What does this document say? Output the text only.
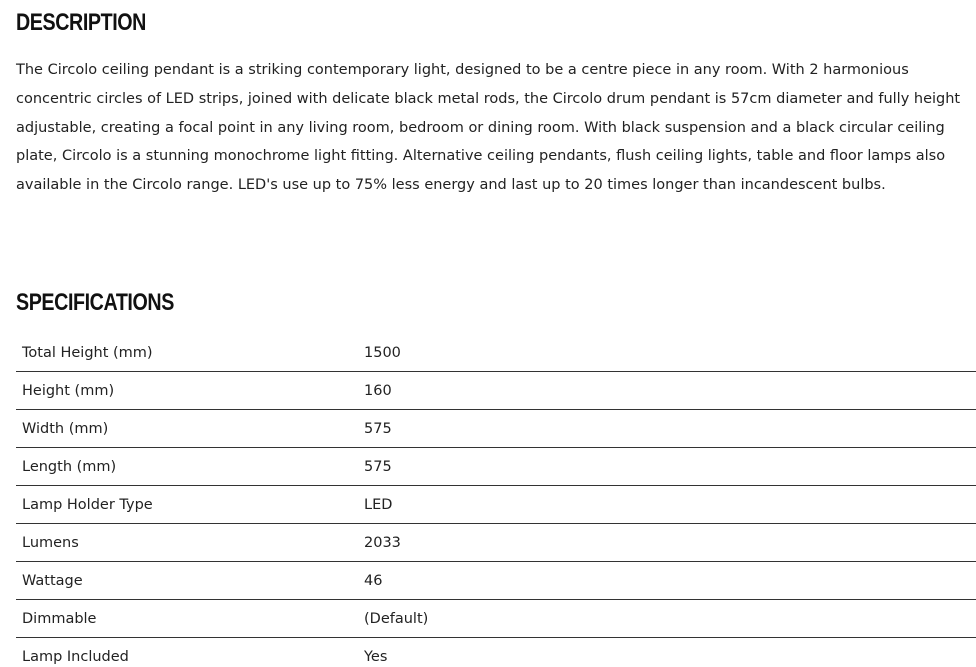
DESCRIPTION

The Circolo ceiling pendant is a striking contemporary light, designed to be a centre piece in any room. With 2 harmonious concentric circles of LED strips, joined with delicate black metal rods, the Circolo drum pendant is 57cm diameter and fully height adjustable, creating a focal point in any living room, bedroom or dining room. With black suspension and a black circular ceiling plate, Circolo is a stunning monochrome light fitting. Alternative ceiling pendants, flush ceiling lights, table and floor lamps also available in the Circolo range. LED's use up to 75% less energy and last up to 20 times longer than incandescent bulbs.

SPECIFICATIONS
Total Height (mm)	1500
Height (mm)	160
Width (mm)	575
Length (mm)	575
Lamp Holder Type	LED
Lumens	2033
Wattage	46
Dimmable	(Default)
Lamp Included	Yes
